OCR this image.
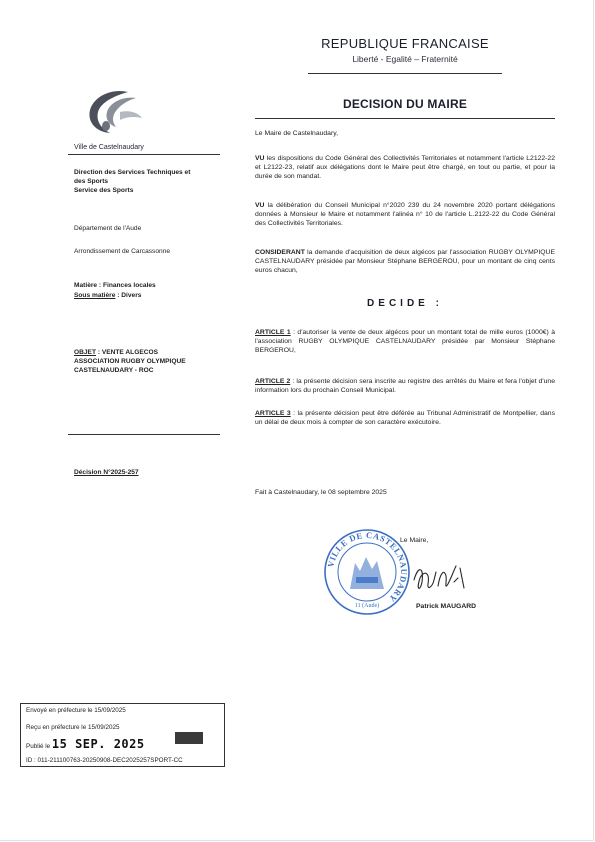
REPUBLIQUE FRANCAISE
Liberté - Egalité – Fraternité
Ville de Castelnaudary
Direction des Services Techniques et
des Sports
Service des Sports
Département de l'Aude
Arrondissement de Carcassonne
Matière : Finances locales
Sous matière : Divers
OBJET : VENTE ALGECOS
ASSOCIATION RUGBY OLYMPIQUE
CASTELNAUDARY - ROC
Décision N°2025-257
DECISION DU MAIRE
Le Maire de Castelnaudary,
VU les dispositions du Code Général des Collectivités Territoriales et notamment l'article L2122-22 et L2122-23, relatif aux délégations dont le Maire peut être chargé, en tout ou partie, et pour la durée de son mandat.
VU la délibération du Conseil Municipal n°2020 239 du 24 novembre 2020 portant délégations données à Monsieur le Maire et notamment l'alinéa n° 10 de l'article L.2122-22 du Code Général des Collectivités Territoriales.
CONSIDERANT la demande d'acquisition de deux algécos par l'association RUGBY OLYMPIQUE CASTELNAUDARY présidée par Monsieur Stéphane BERGEROU, pour un montant de cinq cents euros chacun,
DECIDE :
ARTICLE 1 : d'autoriser la vente de deux algécos pour un montant total de mille euros (1000€) à l'association RUGBY OLYMPIQUE CASTELNAUDARY présidée par Monsieur Stéphane BERGEROU,
ARTICLE 2 : la présente décision sera inscrite au registre des arrêtés du Maire et fera l'objet d'une information lors du prochain Conseil Municipal.
ARTICLE 3 : la présente décision peut être déférée au Tribunal Administratif de Montpellier, dans un délai de deux mois à compter de son caractère exécutoire.
Fait à Castelnaudary, le 08 septembre 2025
VILLE DE CASTELNAUDARY
11 (Aude)
Le Maire,
Patrick MAUGARD
Envoyé en préfecture le 15/09/2025
Reçu en préfecture le 15/09/2025
Publié le 15 SEP. 2025
ID : 011-211100763-20250908-DEC2025257SPORT-CC
